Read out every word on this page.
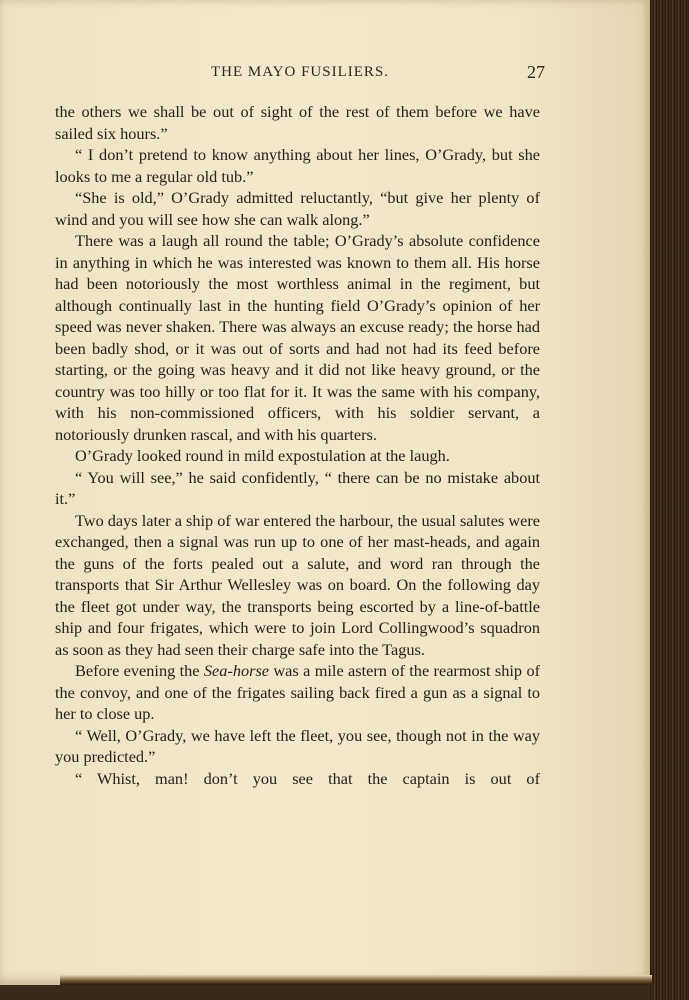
THE MAYO FUSILIERS.	27

the others we shall be out of sight of the rest of them before we have sailed six hours.”

“ I don’t pretend to know anything about her lines, O’Grady, but she looks to me a regular old tub.”

“She is old,” O’Grady admitted reluctantly, “but give her plenty of wind and you will see how she can walk along.”

There was a laugh all round the table; O’Grady’s absolute confidence in anything in which he was interested was known to them all. His horse had been notoriously the most worthless animal in the regiment, but although continually last in the hunting field O’Grady’s opinion of her speed was never shaken. There was always an excuse ready; the horse had been badly shod, or it was out of sorts and had not had its feed before starting, or the going was heavy and it did not like heavy ground, or the country was too hilly or too flat for it. It was the same with his company, with his non-commissioned officers, with his soldier servant, a notoriously drunken rascal, and with his quarters.

O’Grady looked round in mild expostulation at the laugh.

“ You will see,” he said confidently, “ there can be no mistake about it.”

Two days later a ship of war entered the harbour, the usual salutes were exchanged, then a signal was run up to one of her mast-heads, and again the guns of the forts pealed out a salute, and word ran through the transports that Sir Arthur Wellesley was on board. On the following day the fleet got under way, the transports being escorted by a line-of-battle ship and four frigates, which were to join Lord Collingwood’s squadron as soon as they had seen their charge safe into the Tagus.

Before evening the Sea-horse was a mile astern of the rearmost ship of the convoy, and one of the frigates sailing back fired a gun as a signal to her to close up.

“ Well, O’Grady, we have left the fleet, you see, though not in the way you predicted.”

“ Whist, man! don’t you see that the captain is out of
